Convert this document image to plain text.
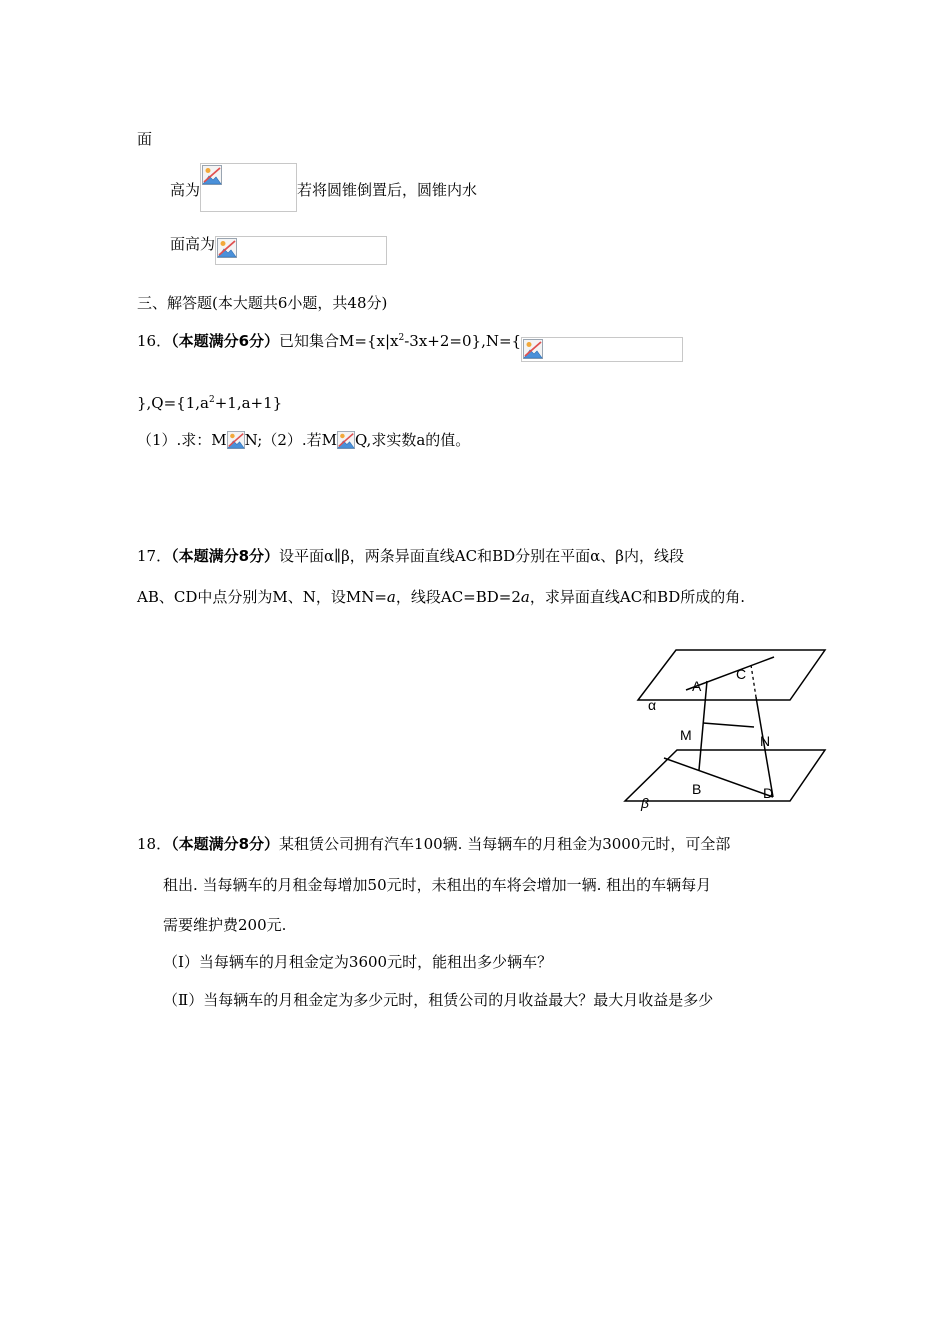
面
高为	若将圆锥倒置后，圆锥内水
面高为
三、解答题(本大题共6小题，共48分)
16．（本题满分6分）已知集合$M=\{x|x^2-3x+2=0\},N=${
}$,Q=\{1,a^2+1,a+1\}$
（1）.求：M N;（2）.若M Q,求实数a的值。
17．（本题满分8分）设平面α∥β，两条异面直线AC和BD分别在平面α、β内，线段
AB、CD中点分别为M、N，设MN=a，线段AC=BD=2a，求异面直线AC和BD所成的角.
A
C
α
M	N
B	D
β
18．（本题满分8分）某租赁公司拥有汽车100辆. 当每辆车的月租金为3000元时，可全部
租出. 当每辆车的月租金每增加50元时，未租出的车将会增加一辆. 租出的车辆每月
需要维护费200元.
（Ⅰ）当每辆车的月租金定为3600元时，能租出多少辆车？
（Ⅱ）当每辆车的月租金定为多少元时，租赁公司的月收益最大？最大月收益是多少
